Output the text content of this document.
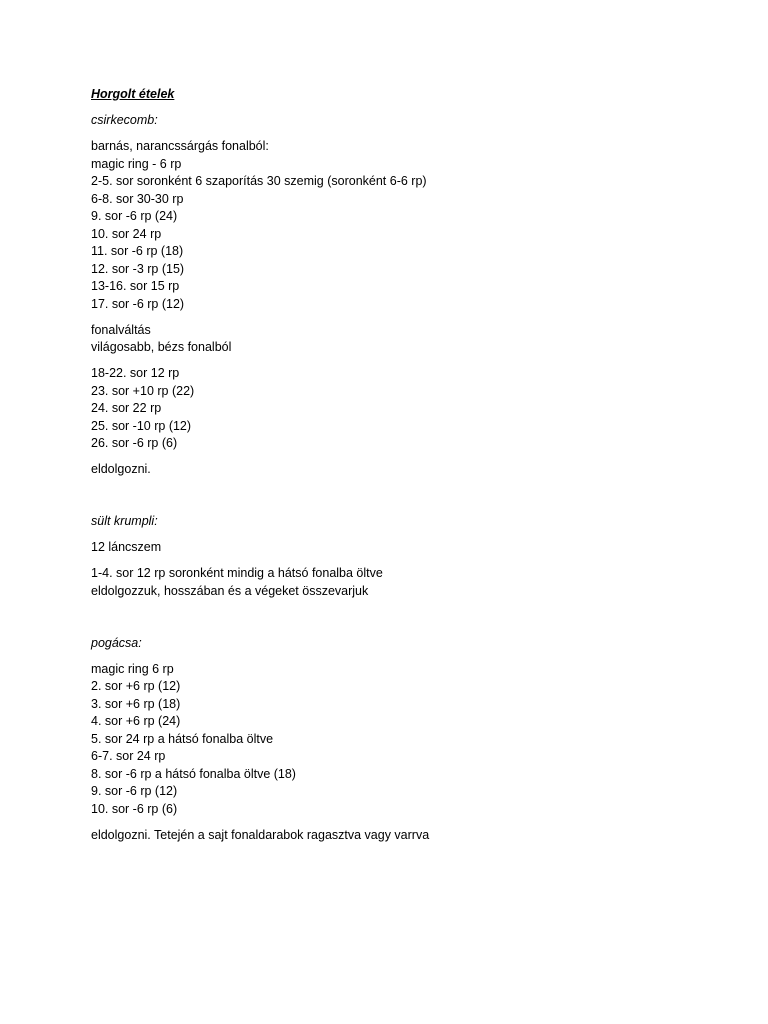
Horgolt ételek
csirkecomb:
barnás, narancssárgás fonalból:
magic ring - 6 rp
2-5. sor soronként 6 szaporítás 30 szemig (soronként 6-6 rp)
6-8. sor 30-30 rp
9. sor -6 rp (24)
10. sor 24 rp
11. sor -6 rp (18)
12. sor -3 rp (15)
13-16. sor 15 rp
17. sor -6 rp (12)
fonalváltás
világosabb, bézs fonalból
18-22. sor 12 rp
23. sor +10 rp (22)
24. sor 22 rp
25. sor -10 rp (12)
26. sor -6 rp (6)
eldolgozni.
sült krumpli:
12 láncszem
1-4. sor 12 rp soronként mindig a hátsó fonalba öltve
eldolgozzuk, hosszában és a végeket összevarjuk
pogácsa:
magic ring 6 rp
2. sor +6 rp (12)
3. sor +6 rp (18)
4. sor +6 rp (24)
5. sor 24 rp a hátsó fonalba öltve
6-7. sor 24 rp
8. sor -6 rp a hátsó fonalba öltve (18)
9. sor -6 rp (12)
10. sor -6 rp (6)
eldolgozni. Tetején a sajt fonaldarabok ragasztva vagy varrva
